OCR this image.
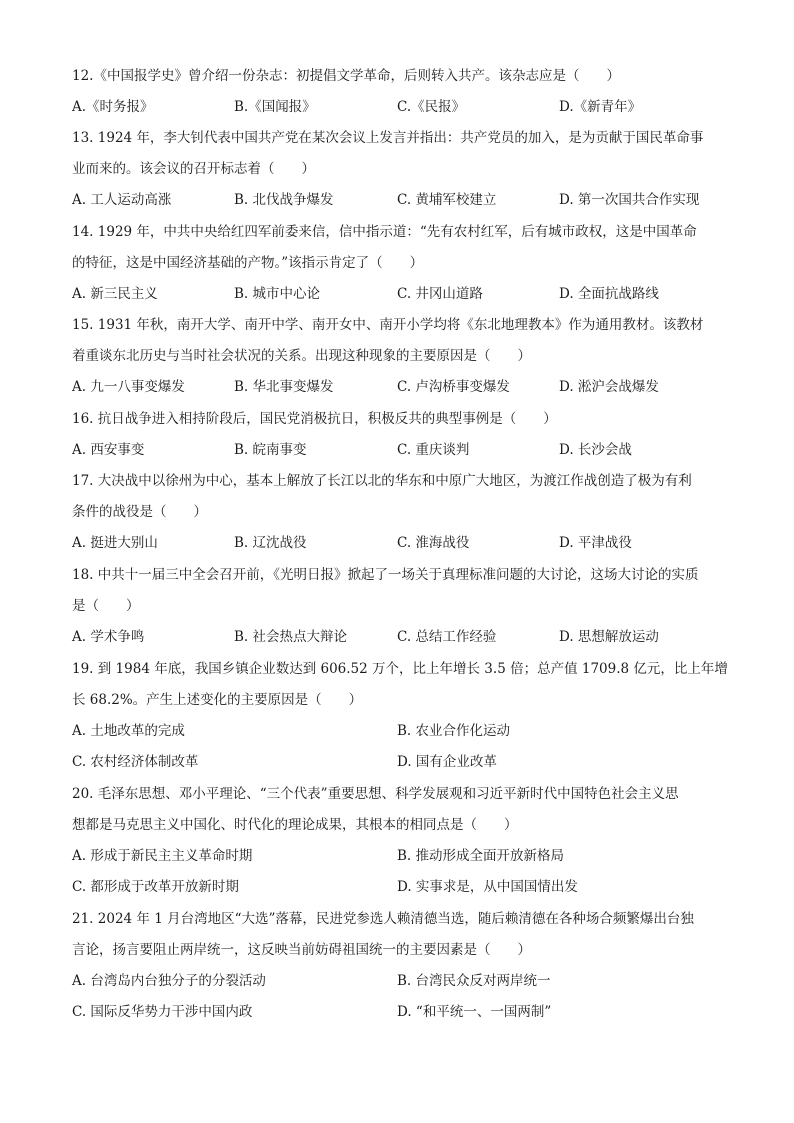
12.《中国报学史》曾介绍一份杂志：初提倡文学革命，后则转入共产。该杂志应是（　　）
A.《时务报》	B.《国闻报》	C.《民报》	D.《新青年》
13. 1924 年，李大钊代表中国共产党在某次会议上发言并指出：共产党员的加入，是为贡献于国民革命事
业而来的。该会议的召开标志着（　　）
A. 工人运动高涨	B. 北伐战争爆发	C. 黄埔军校建立	D. 第一次国共合作实现
14. 1929 年，中共中央给红四军前委来信，信中指示道：“先有农村红军，后有城市政权，这是中国革命
的特征，这是中国经济基础的产物。”该指示肯定了（　　）
A. 新三民主义	B. 城市中心论	C. 井冈山道路	D. 全面抗战路线
15. 1931 年秋，南开大学、南开中学、南开女中、南开小学均将《东北地理教本》作为通用教材。该教材
着重谈东北历史与当时社会状况的关系。出现这种现象的主要原因是（　　）
A. 九一八事变爆发	B. 华北事变爆发	C. 卢沟桥事变爆发	D. 淞沪会战爆发
16. 抗日战争进入相持阶段后，国民党消极抗日，积极反共的典型事例是（　　）
A. 西安事变	B. 皖南事变	C. 重庆谈判	D. 长沙会战
17. 大决战中以徐州为中心，基本上解放了长江以北的华东和中原广大地区，为渡江作战创造了极为有利
条件的战役是（　　）
A. 挺进大别山	B. 辽沈战役	C. 淮海战役	D. 平津战役
18. 中共十一届三中全会召开前，《光明日报》掀起了一场关于真理标准问题的大讨论，这场大讨论的实质
是（　　）
A. 学术争鸣	B. 社会热点大辩论	C. 总结工作经验	D. 思想解放运动
19. 到 1984 年底，我国乡镇企业数达到 606.52 万个，比上年增长 3.5 倍；总产值 1709.8 亿元，比上年增
长 68.2%。产生上述变化的主要原因是（　　）
A. 土地改革的完成	B. 农业合作化运动
C. 农村经济体制改革	D. 国有企业改革
20. 毛泽东思想、邓小平理论、“三个代表”重要思想、科学发展观和习近平新时代中国特色社会主义思
想都是马克思主义中国化、时代化的理论成果，其根本的相同点是（　　）
A. 形成于新民主主义革命时期	B. 推动形成全面开放新格局
C. 都形成于改革开放新时期	D. 实事求是，从中国国情出发
21. 2024 年 1 月台湾地区“大选”落幕，民进党参选人赖清德当选，随后赖清德在各种场合频繁爆出台独
言论，扬言要阻止两岸统一，这反映当前妨碍祖国统一的主要因素是（　　）
A. 台湾岛内台独分子的分裂活动	B. 台湾民众反对两岸统一
C. 国际反华势力干涉中国内政	D. “和平统一、一国两制”
